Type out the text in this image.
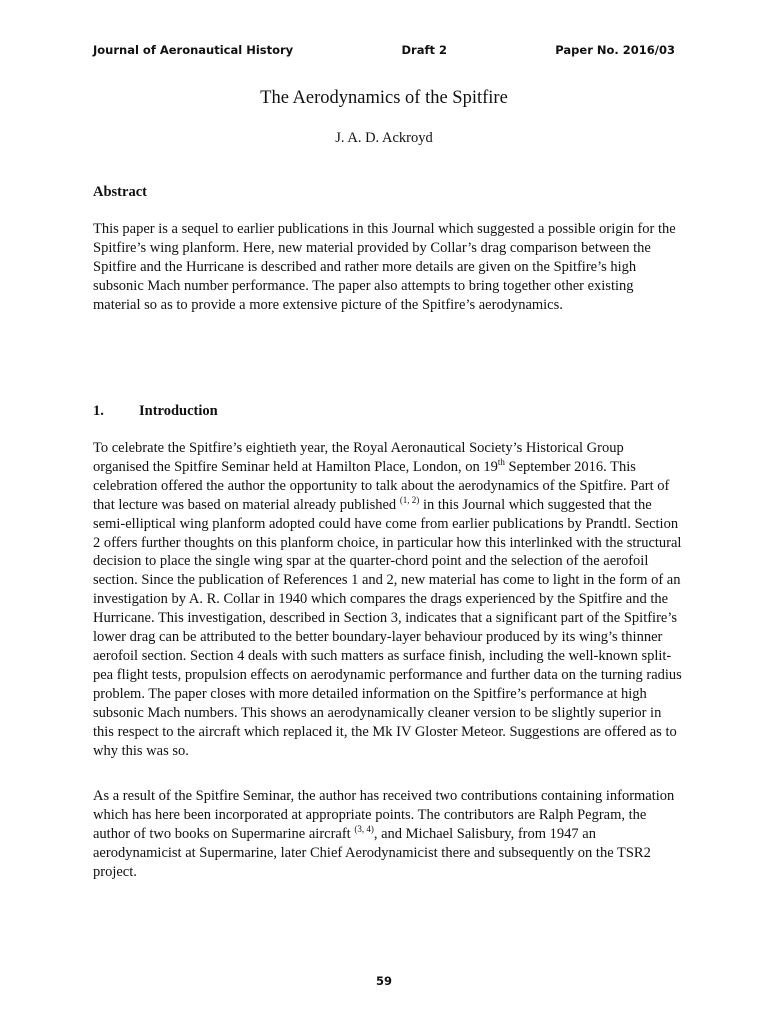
Journal of Aeronautical History	Draft 2	Paper No. 2016/03
The Aerodynamics of the Spitfire
J. A. D. Ackroyd
Abstract

This paper is a sequel to earlier publications in this Journal which suggested a possible origin for the Spitfire’s wing planform. Here, new material provided by Collar’s drag comparison between the Spitfire and the Hurricane is described and rather more details are given on the Spitfire’s high subsonic Mach number performance. The paper also attempts to bring together other existing material so as to provide a more extensive picture of the Spitfire’s aerodynamics.

1. Introduction

To celebrate the Spitfire’s eightieth year, the Royal Aeronautical Society’s Historical Group organised the Spitfire Seminar held at Hamilton Place, London, on 19th September 2016. This celebration offered the author the opportunity to talk about the aerodynamics of the Spitfire. Part of that lecture was based on material already published $^{(1, 2)}$ in this Journal which suggested that the semi-elliptical wing planform adopted could have come from earlier publications by Prandtl. Section 2 offers further thoughts on this planform choice, in particular how this interlinked with the structural decision to place the single wing spar at the quarter-chord point and the selection of the aerofoil section. Since the publication of References 1 and 2, new material has come to light in the form of an investigation by A. R. Collar in 1940 which compares the drags experienced by the Spitfire and the Hurricane. This investigation, described in Section 3, indicates that a significant part of the Spitfire’s lower drag can be attributed to the better boundary-layer behaviour produced by its wing’s thinner aerofoil section. Section 4 deals with such matters as surface finish, including the well-known split-pea flight tests, propulsion effects on aerodynamic performance and further data on the turning radius problem. The paper closes with more detailed information on the Spitfire’s performance at high subsonic Mach numbers. This shows an aerodynamically cleaner version to be slightly superior in this respect to the aircraft which replaced it, the Mk IV Gloster Meteor. Suggestions are offered as to why this was so.

As a result of the Spitfire Seminar, the author has received two contributions containing information which has here been incorporated at appropriate points. The contributors are Ralph Pegram, the author of two books on Supermarine aircraft $^{(3, 4)}$, and Michael Salisbury, from 1947 an aerodynamicist at Supermarine, later Chief Aerodynamicist there and subsequently on the TSR2 project.

59
